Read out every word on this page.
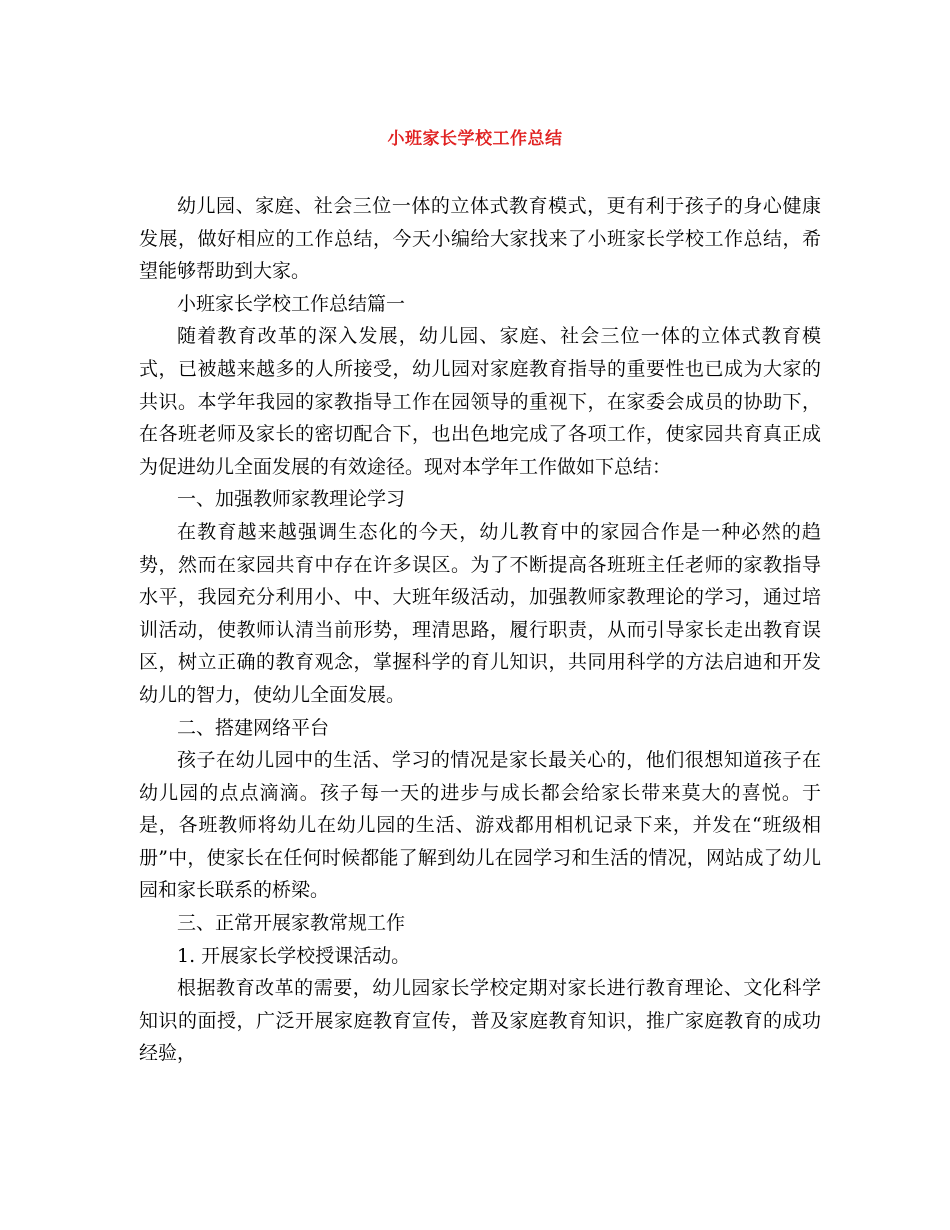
小班家长学校工作总结

幼儿园、家庭、社会三位一体的立体式教育模式，更有利于孩子的身心健康发展，做好相应的工作总结，今天小编给大家找来了小班家长学校工作总结，希望能够帮助到大家。

小班家长学校工作总结篇一

随着教育改革的深入发展，幼儿园、家庭、社会三位一体的立体式教育模式，已被越来越多的人所接受，幼儿园对家庭教育指导的重要性也已成为大家的共识。本学年我园的家教指导工作在园领导的重视下，在家委会成员的协助下，在各班老师及家长的密切配合下，也出色地完成了各项工作，使家园共育真正成为促进幼儿全面发展的有效途径。现对本学年工作做如下总结：

一、加强教师家教理论学习

在教育越来越强调生态化的今天，幼儿教育中的家园合作是一种必然的趋势，然而在家园共育中存在许多误区。为了不断提高各班班主任老师的家教指导水平，我园充分利用小、中、大班年级活动，加强教师家教理论的学习，通过培训活动，使教师认清当前形势，理清思路，履行职责，从而引导家长走出教育误区，树立正确的教育观念，掌握科学的育儿知识，共同用科学的方法启迪和开发幼儿的智力，使幼儿全面发展。

二、搭建网络平台

孩子在幼儿园中的生活、学习的情况是家长最关心的，他们很想知道孩子在幼儿园的点点滴滴。孩子每一天的进步与成长都会给家长带来莫大的喜悦。于是，各班教师将幼儿在幼儿园的生活、游戏都用相机记录下来，并发在“班级相册”中，使家长在任何时候都能了解到幼儿在园学习和生活的情况，网站成了幼儿园和家长联系的桥梁。

三、正常开展家教常规工作

1. 开展家长学校授课活动。

根据教育改革的需要，幼儿园家长学校定期对家长进行教育理论、文化科学知识的面授，广泛开展家庭教育宣传，普及家庭教育知识，推广家庭教育的成功经验，
